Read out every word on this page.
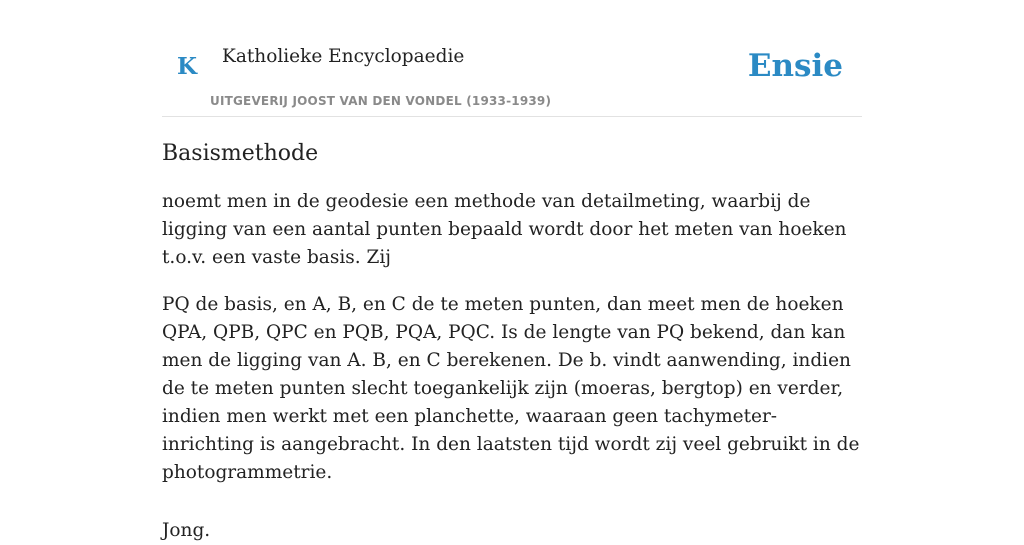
K Katholieke Encyclopaedie
UITGEVERIJ JOOST VAN DEN VONDEL (1933-1939)
Ensie
Basismethode

noemt men in de geodesie een methode van detailmeting, waarbij de ligging van een aantal punten bepaald wordt door het meten van hoeken t.o.v. een vaste basis. Zij

PQ de basis, en A, B, en C de te meten punten, dan meet men de hoeken QPA, QPB, QPC en PQB, PQA, PQC. Is de lengte van PQ bekend, dan kan men de ligging van A. B, en C berekenen. De b. vindt aanwending, indien de te meten punten slecht toegankelijk zijn (moeras, bergtop) en verder, indien men werkt met een planchette, waaraan geen tachymeter-inrichting is aangebracht. In den laatsten tijd wordt zij veel gebruikt in de photogrammetrie.

Jong.
